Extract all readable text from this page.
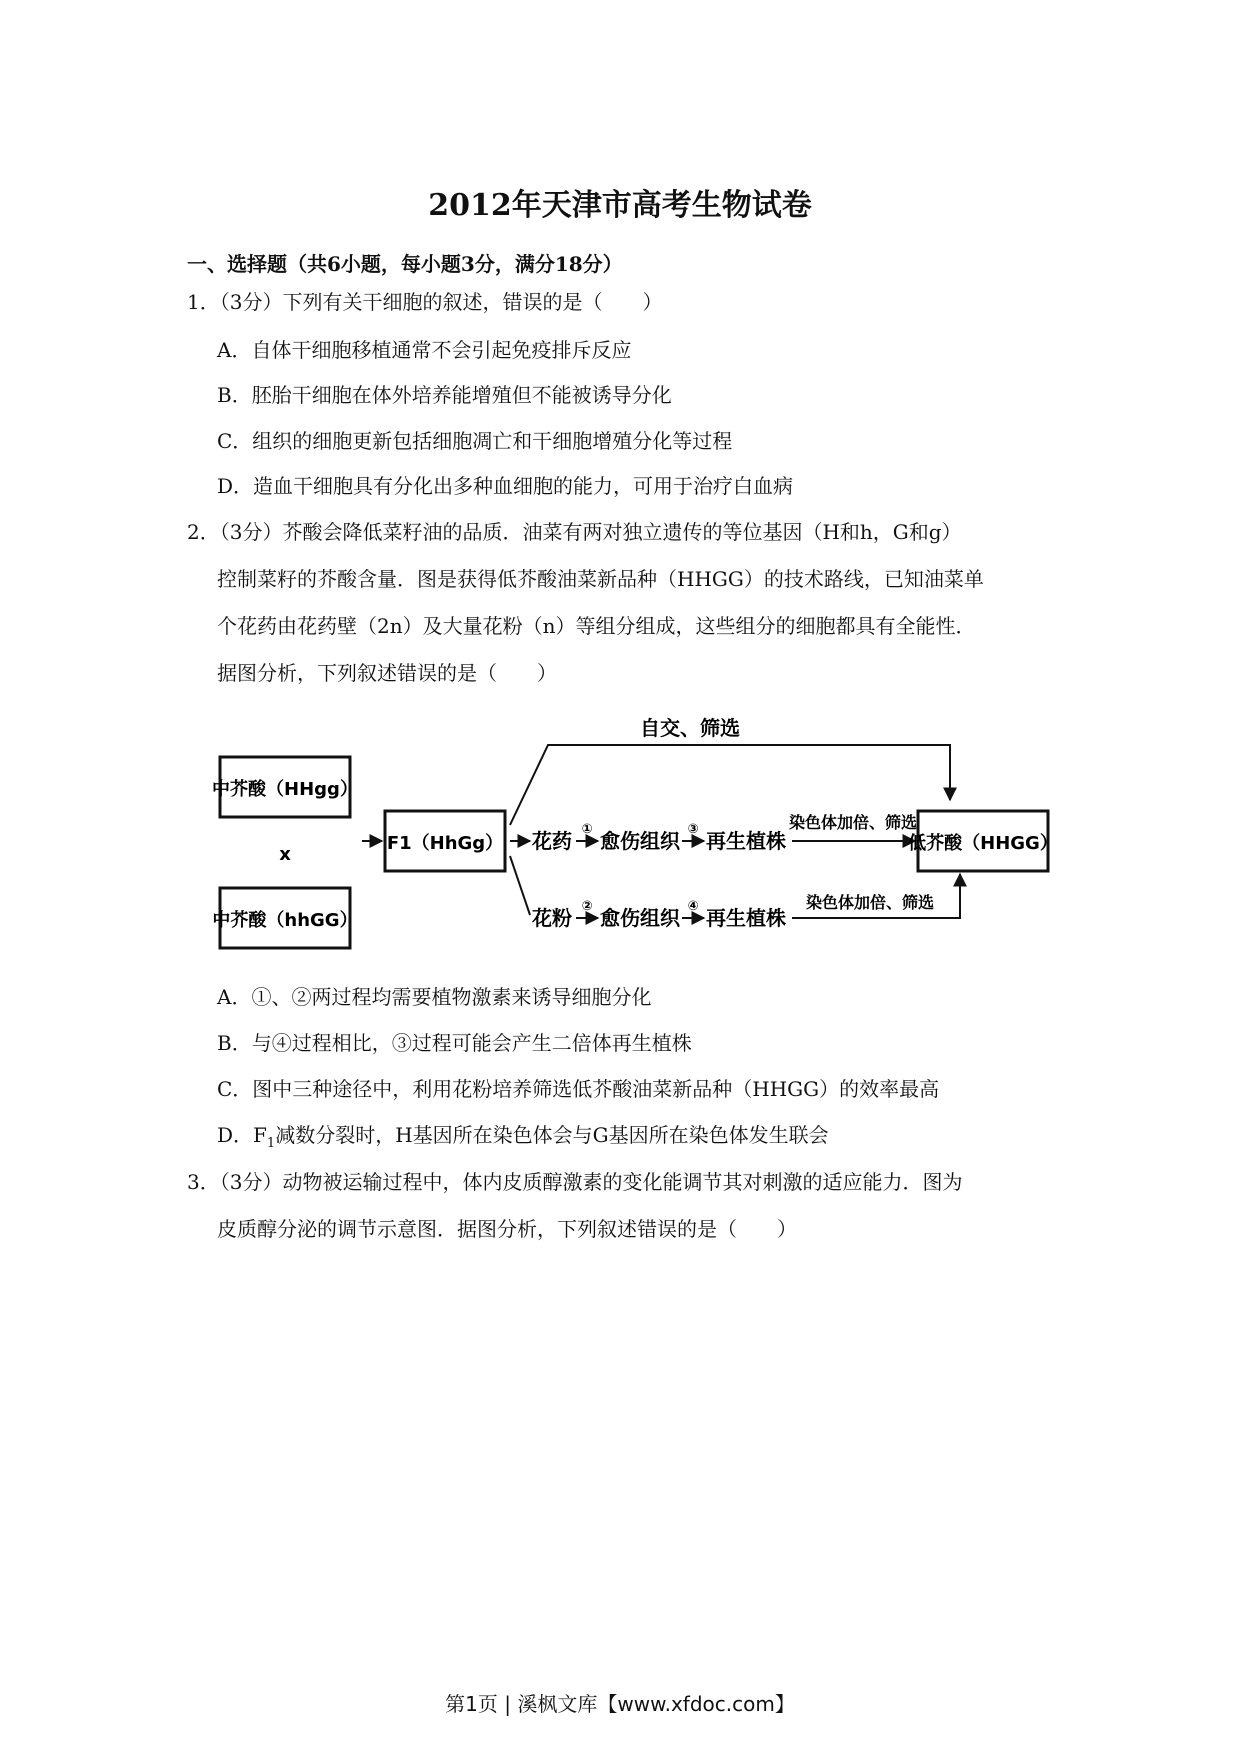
2012年天津市高考生物试卷
一、选择题（共6小题，每小题3分，满分18分）
1．（3分）下列有关干细胞的叙述，错误的是（　　）
A．自体干细胞移植通常不会引起免疫排斥反应
B．胚胎干细胞在体外培养能增殖但不能被诱导分化
C．组织的细胞更新包括细胞凋亡和干细胞增殖分化等过程
D．造血干细胞具有分化出多种血细胞的能力，可用于治疗白血病
2．（3分）芥酸会降低菜籽油的品质．油菜有两对独立遗传的等位基因（H和h，G和g）
控制菜籽的芥酸含量．图是获得低芥酸油菜新品种（HHGG）的技术路线，已知油菜单
个花药由花药壁（2n）及大量花粉（n）等组分组成，这些组分的细胞都具有全能性．
据图分析，下列叙述错误的是（　　）
中芥酸（HHgg）
x
中芥酸（hhGG）
F1（HhGg）
自交、筛选
花药 ① 愈伤组织 ③ 再生植株
染色体加倍、筛选
低芥酸（HHGG）
花粉 ② 愈伤组织 ④ 再生植株
染色体加倍、筛选
A．①、②两过程均需要植物激素来诱导细胞分化
B．与④过程相比，③过程可能会产生二倍体再生植株
C．图中三种途径中，利用花粉培养筛选低芥酸油菜新品种（HHGG）的效率最高
D．$F_1$减数分裂时，H基因所在染色体会与G基因所在染色体发生联会
3．（3分）动物被运输过程中，体内皮质醇激素的变化能调节其对刺激的适应能力．图为
皮质醇分泌的调节示意图．据图分析，下列叙述错误的是（　　）
第1页 | 溪枫文库【www.xfdoc.com】
